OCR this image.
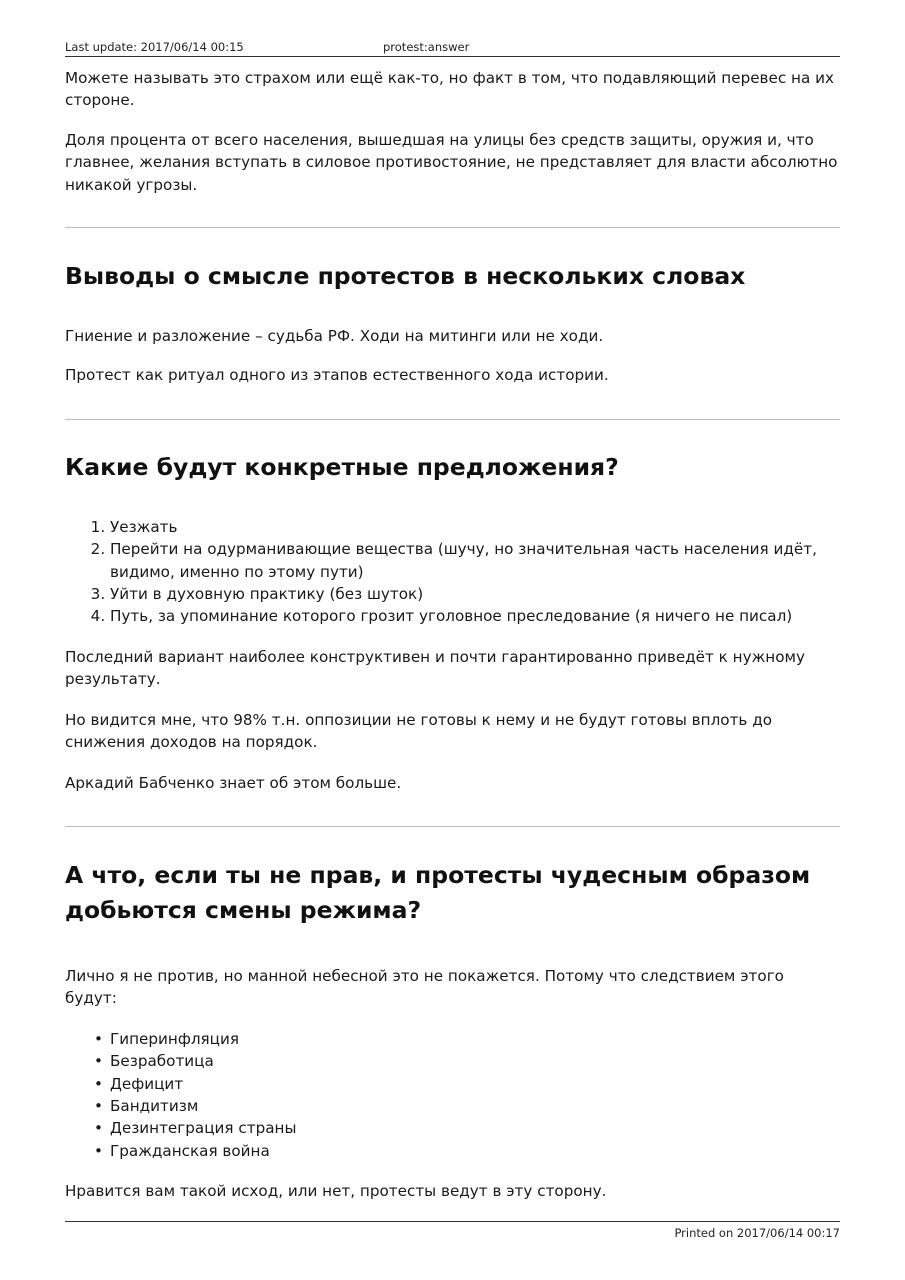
Last update: 2017/06/14 00:15	protest:answer

Можете называть это страхом или ещё как-то, но факт в том, что подавляющий перевес на их стороне.

Доля процента от всего населения, вышедшая на улицы без средств защиты, оружия и, что главнее, желания вступать в силовое противостояние, не представляет для власти абсолютно никакой угрозы.

Выводы о смысле протестов в нескольких словах

Гниение и разложение – судьба РФ. Ходи на митинги или не ходи.

Протест как ритуал одного из этапов естественного хода истории.

Какие будут конкретные предложения?
1. Уезжать
2. Перейти на одурманивающие вещества (шучу, но значительная часть населения идёт, видимо, именно по этому пути)
3. Уйти в духовную практику (без шуток)
4. Путь, за упоминание которого грозит уголовное преследование (я ничего не писал)

Последний вариант наиболее конструктивен и почти гарантированно приведёт к нужному результату.

Но видится мне, что 98% т.н. оппозиции не готовы к нему и не будут готовы вплоть до снижения доходов на порядок.

Аркадий Бабченко знает об этом больше.

А что, если ты не прав, и протесты чудесным образом
добьются смены режима?

Лично я не против, но манной небесной это не покажется. Потому что следствием этого будут:

• Гиперинфляция
• Безработица
• Дефицит
• Бандитизм
• Дезинтеграция страны
• Гражданская война

Нравится вам такой исход, или нет, протесты ведут в эту сторону.

Printed on 2017/06/14 00:17
